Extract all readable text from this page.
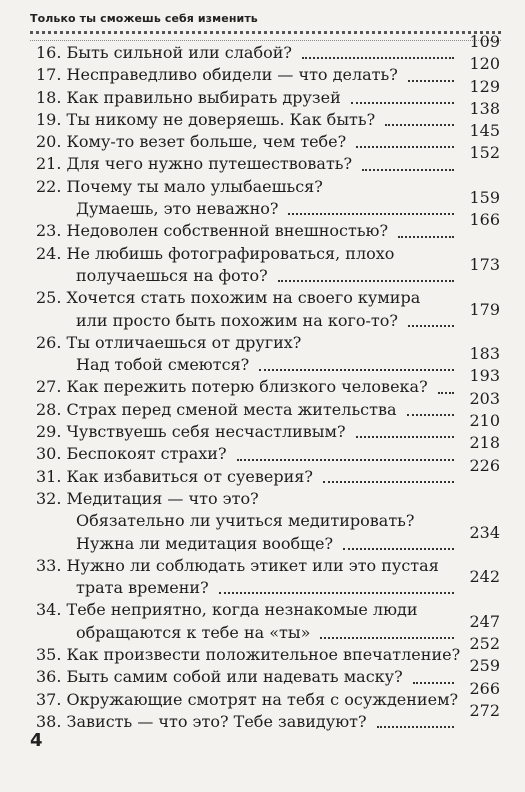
Только ты сможешь себя изменить
16. Быть сильной или слабой?
109
17. Несправедливо обидели — что делать?
120
18. Как правильно выбирать друзей
129
19. Ты никому не доверяешь. Как быть?
138
20. Кому-то везет больше, чем тебе?
145
21. Для чего нужно путешествовать?
152
22. Почему ты мало улыбаешься?
Думаешь, это неважно?
159
23. Недоволен собственной внешностью?
166
24. Не любишь фотографироваться, плохо
получаешься на фото?
173
25. Хочется стать похожим на своего кумира
или просто быть похожим на кого-то?
179
26. Ты отличаешься от других?
Над тобой смеются?
183
27. Как пережить потерю близкого человека?
193
28. Страх перед сменой места жительства
203
29. Чувствуешь себя несчастливым?
210
30. Беспокоят страхи?
218
31. Как избавиться от суеверия?
226
32. Медитация — что это?
Обязательно ли учиться медитировать?
Нужна ли медитация вообще?
234
33. Нужно ли соблюдать этикет или это пустая
трата времени?
242
34. Тебе неприятно, когда незнакомые люди
обращаются к тебе на «ты»
247
35. Как произвести положительное впечатление?
252
36. Быть самим собой или надевать маску?
259
37. Окружающие смотрят на тебя с осуждением?
266
38. Зависть — что это? Тебе завидуют?
272
4
